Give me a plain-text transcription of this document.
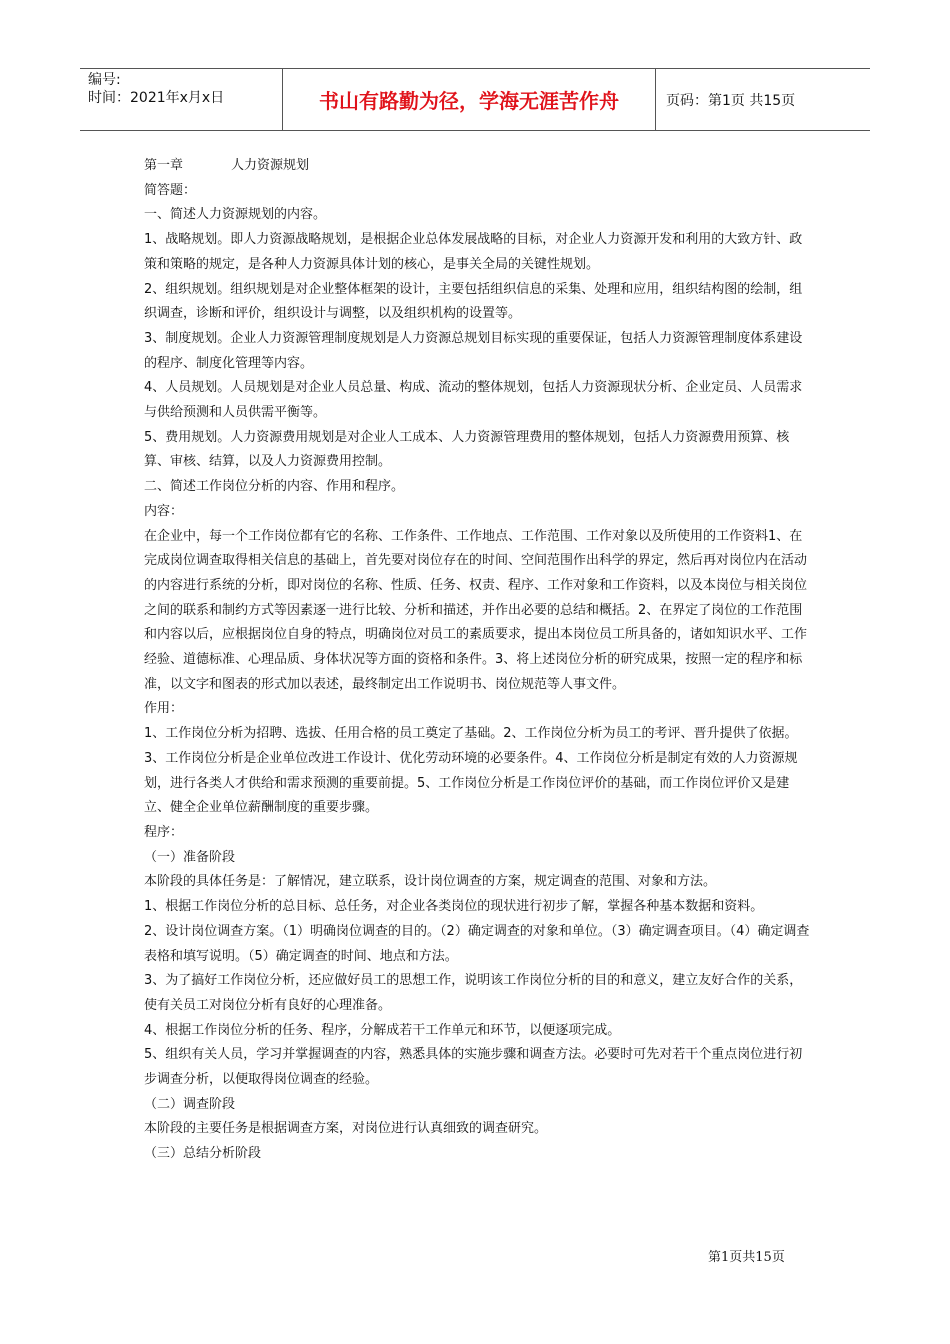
编号:
时间：2021年x月x日	书山有路勤为径，学海无涯苦作舟	页码：第1页 共15页

第一章	人力资源规划

简答题：

一、简述人力资源规划的内容。

1、战略规划。即人力资源战略规划，是根据企业总体发展战略的目标，对企业人力资源开发和利用的大致方针、政策和策略的规定，是各种人力资源具体计划的核心，是事关全局的关键性规划。

2、组织规划。组织规划是对企业整体框架的设计，主要包括组织信息的采集、处理和应用，组织结构图的绘制，组织调查，诊断和评价，组织设计与调整，以及组织机构的设置等。

3、制度规划。企业人力资源管理制度规划是人力资源总规划目标实现的重要保证，包括人力资源管理制度体系建设的程序、制度化管理等内容。

4、人员规划。人员规划是对企业人员总量、构成、流动的整体规划，包括人力资源现状分析、企业定员、人员需求与供给预测和人员供需平衡等。

5、费用规划。人力资源费用规划是对企业人工成本、人力资源管理费用的整体规划，包括人力资源费用预算、核算、审核、结算，以及人力资源费用控制。

二、简述工作岗位分析的内容、作用和程序。

内容：

在企业中，每一个工作岗位都有它的名称、工作条件、工作地点、工作范围、工作对象以及所使用的工作资料1、在完成岗位调查取得相关信息的基础上，首先要对岗位存在的时间、空间范围作出科学的界定，然后再对岗位内在活动的内容进行系统的分析，即对岗位的名称、性质、任务、权责、程序、工作对象和工作资料，以及本岗位与相关岗位之间的联系和制约方式等因素逐一进行比较、分析和描述，并作出必要的总结和概括。2、在界定了岗位的工作范围和内容以后，应根据岗位自身的特点，明确岗位对员工的素质要求，提出本岗位员工所具备的，诸如知识水平、工作经验、道德标准、心理品质、身体状况等方面的资格和条件。3、将上述岗位分析的研究成果，按照一定的程序和标准，以文字和图表的形式加以表述，最终制定出工作说明书、岗位规范等人事文件。

作用：

1、工作岗位分析为招聘、选拔、任用合格的员工奠定了基础。2、工作岗位分析为员工的考评、晋升提供了依据。3、工作岗位分析是企业单位改进工作设计、优化劳动环境的必要条件。4、工作岗位分析是制定有效的人力资源规划，进行各类人才供给和需求预测的重要前提。5、工作岗位分析是工作岗位评价的基础，而工作岗位评价又是建立、健全企业单位薪酬制度的重要步骤。

程序：

（一）准备阶段

本阶段的具体任务是：了解情况，建立联系，设计岗位调查的方案，规定调查的范围、对象和方法。

1、根据工作岗位分析的总目标、总任务，对企业各类岗位的现状进行初步了解，掌握各种基本数据和资料。

2、设计岗位调查方案。（1）明确岗位调查的目的。（2）确定调查的对象和单位。（3）确定调查项目。（4）确定调查表格和填写说明。（5）确定调查的时间、地点和方法。

3、为了搞好工作岗位分析，还应做好员工的思想工作，说明该工作岗位分析的目的和意义，建立友好合作的关系，使有关员工对岗位分析有良好的心理准备。

4、根据工作岗位分析的任务、程序，分解成若干工作单元和环节，以便逐项完成。

5、组织有关人员，学习并掌握调查的内容，熟悉具体的实施步骤和调查方法。必要时可先对若干个重点岗位进行初步调查分析，以便取得岗位调查的经验。

（二）调查阶段

本阶段的主要任务是根据调查方案，对岗位进行认真细致的调查研究。

（三）总结分析阶段

第1页共15页
